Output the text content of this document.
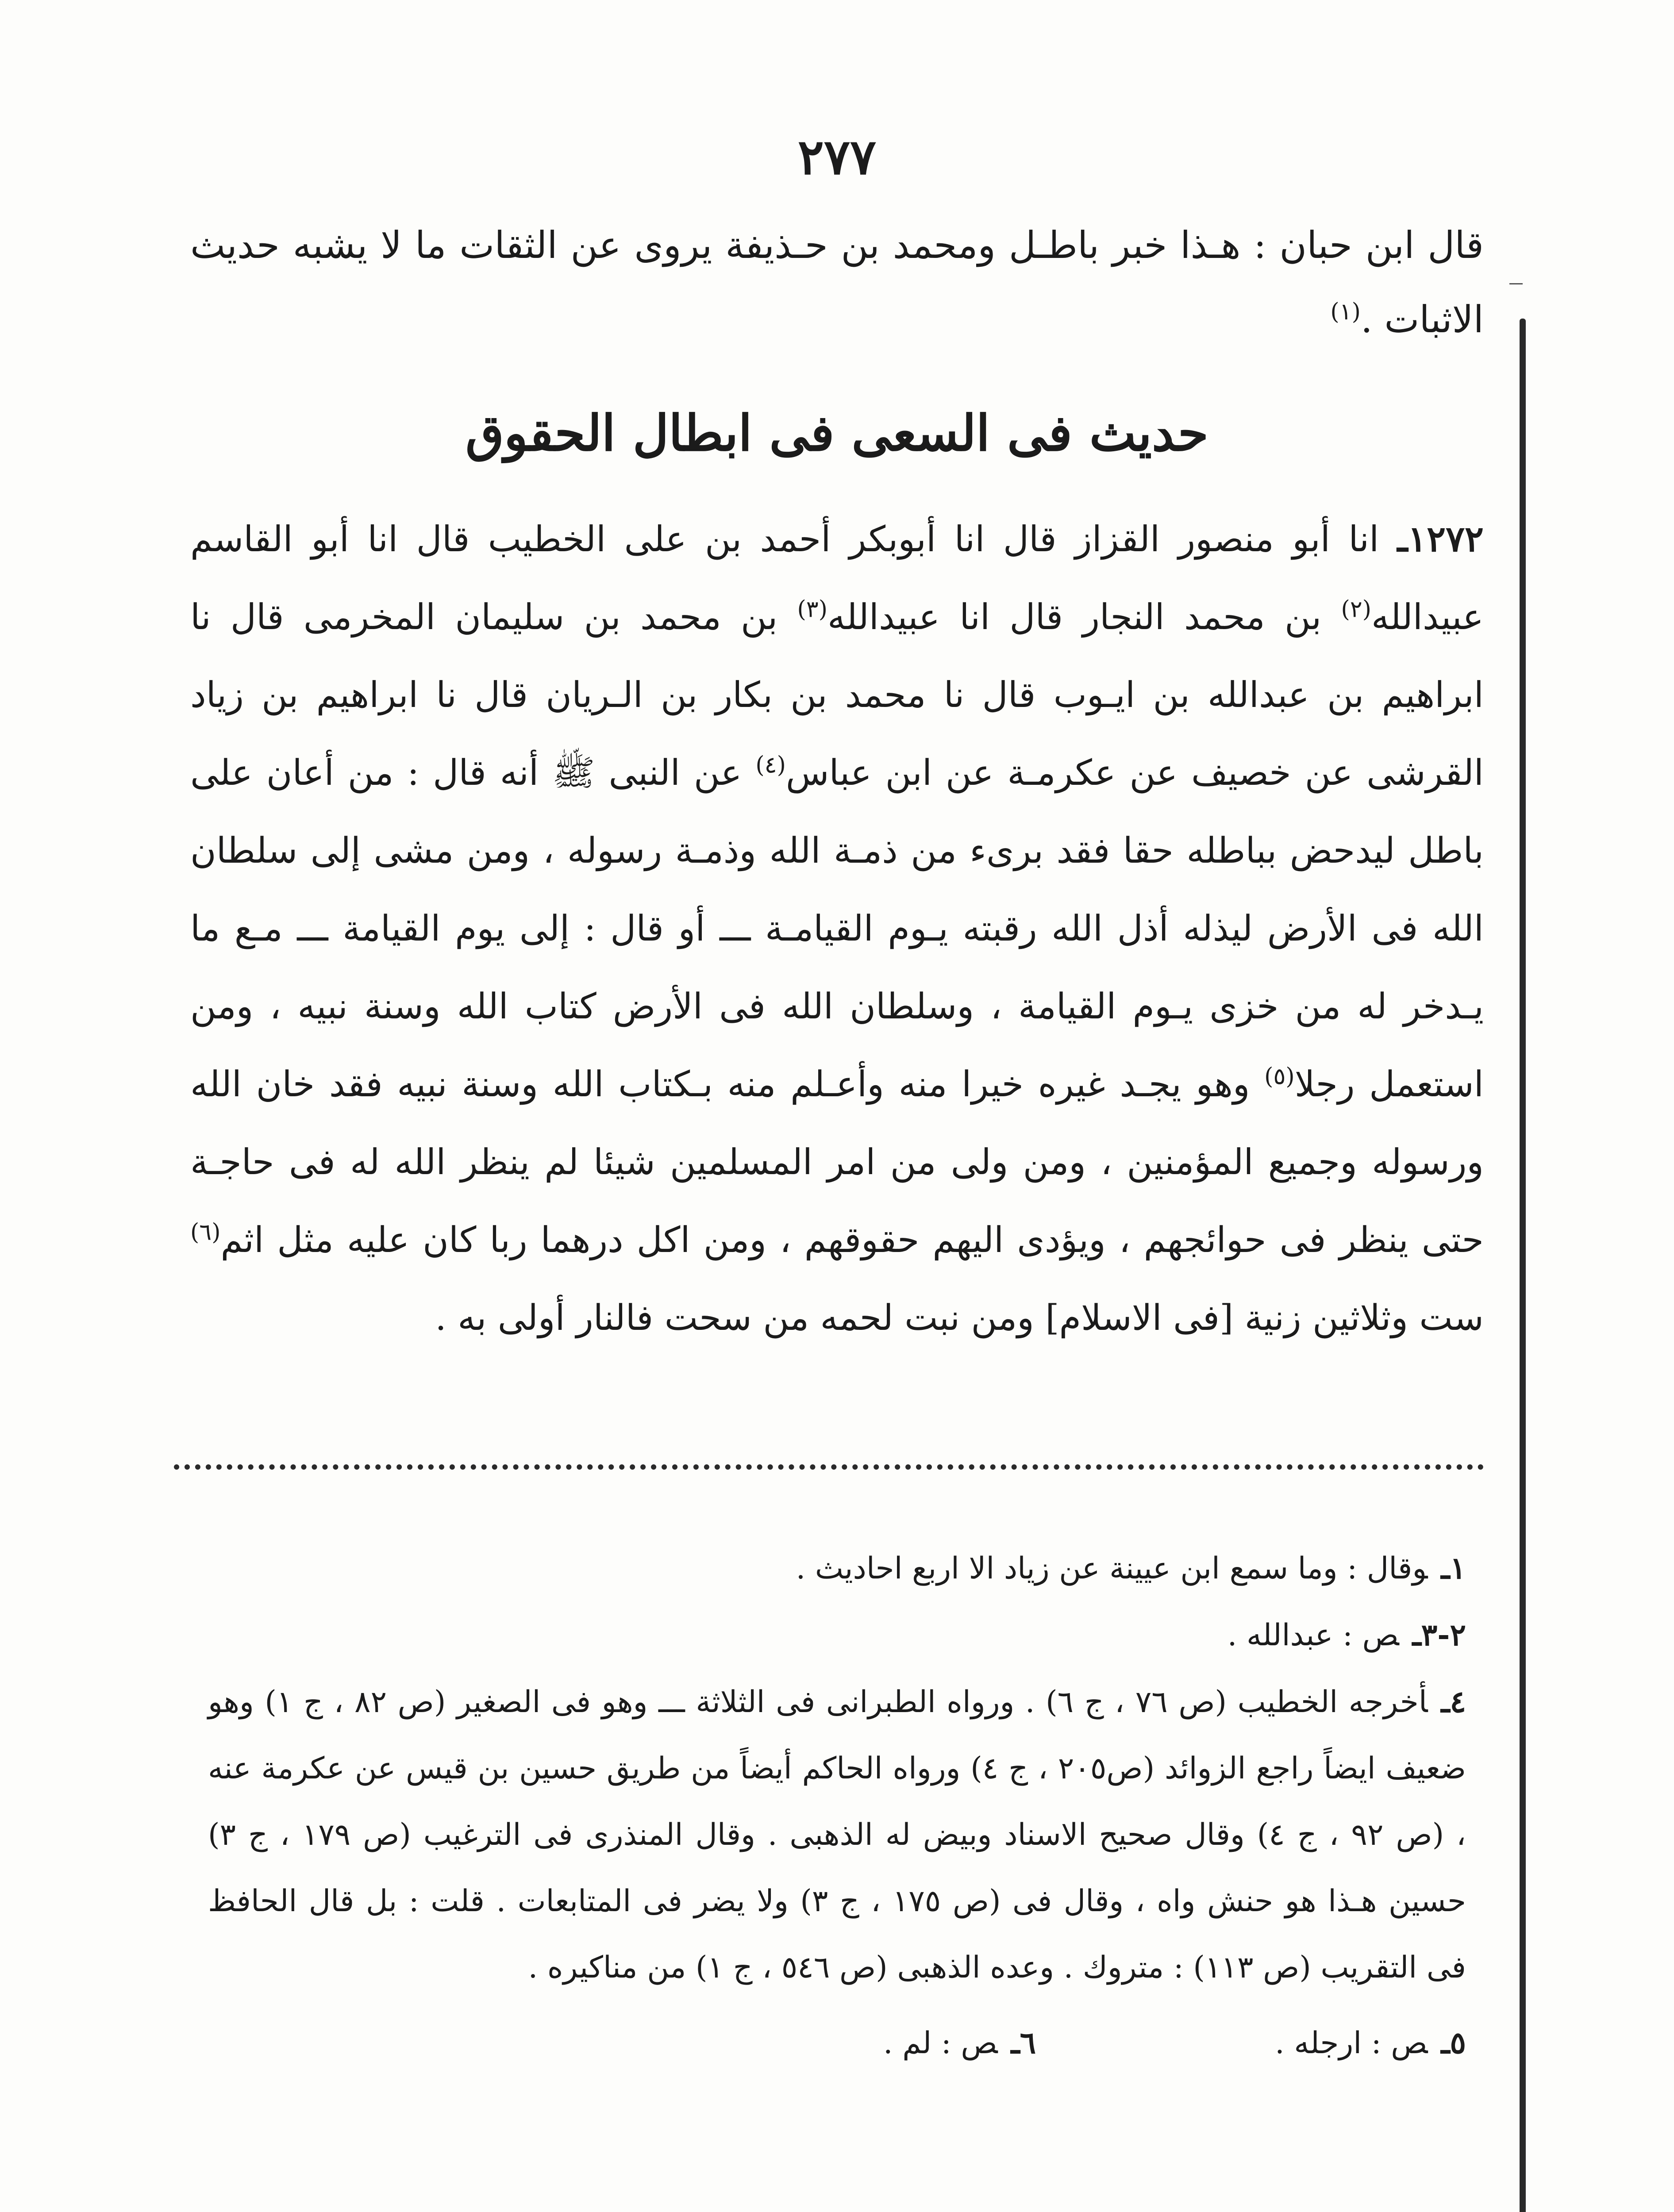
٢٧٧
قال ابن حبان : هـذا خبر باطـل ومحمد بن حـذيفة يروى عن الثقات ما لا يشبه حديث الاثبات .$^{(١)}$
حديث فى السعى فى ابطال الحقوق
١٢٧٢ـ انا أبو منصور القزاز قال انا أبوبكر أحمد بن على الخطيب قال انا أبو القاسم عبيدالله$^{(٢)}$ بن محمد النجار قال انا عبيدالله$^{(٣)}$ بن محمد بن سليمان المخرمى قال نا ابراهيم بن عبدالله بن ايـوب قال نا محمد بن بكار بن الـريان قال نا ابراهيم بن زياد القرشى عن خصيف عن عكرمـة عن ابن عباس$^{(٤)}$ عن النبى ﷺ أنه قال : من أعان على باطل ليدحض بباطله حقا فقد برىء من ذمـة الله وذمـة رسوله ، ومن مشى إلى سلطان الله فى الأرض ليذله أذل الله رقبته يـوم القيامـة ـــ أو قال : إلى يوم القيامة ـــ مـع ما يـدخر له من خزى يـوم القيامة ، وسلطان الله فى الأرض كتاب الله وسنة نبيه ، ومن استعمل رجلا$^{(٥)}$ وهو يجـد غيره خيرا منه وأعـلم منه بـكتاب الله وسنة نبيه فقد خان الله ورسوله وجميع المؤمنين ، ومن ولى من امر المسلمين شيئا لم ينظر الله له فى حاجـة حتى ينظر فى حوائجهم ، ويؤدى اليهم حقوقهم ، ومن اكل درهما ربا كان عليه مثل اثم$^{(٦)}$ ست وثلاثين زنية [فى الاسلام] ومن نبت لحمه من سحت فالنار أولى به .
١ـوقال : وما سمع ابن عيينة عن زياد الا اربع احاديث .
٢-٣ـص : عبدالله .
٤ـأخرجه الخطيب (ص ٧٦ ، ج ٦) . ورواه الطبرانى فى الثلاثة ـــ وهو فى الصغير (ص ٨٢ ، ج ١) وهو ضعيف ايضاً راجع الزوائد (ص٢٠٥ ، ج ٤) ورواه الحاكم أيضاً من طريق حسين بن قيس عن عكرمة عنه ، (ص ٩٢ ، ج ٤) وقال صحيح الاسناد وبيض له الذهبى . وقال المنذرى فى الترغيب (ص ١٧٩ ، ج ٣) حسين هـذا هو حنش واه ، وقال فى (ص ١٧٥ ، ج ٣) ولا يضر فى المتابعات . قلت : بل قال الحافظ فى التقريب (ص ١١٣) : متروك . وعده الذهبى (ص ٥٤٦ ، ج ١) من مناكيره .
٥ـص : ارجله .
٦ـص : لم .
